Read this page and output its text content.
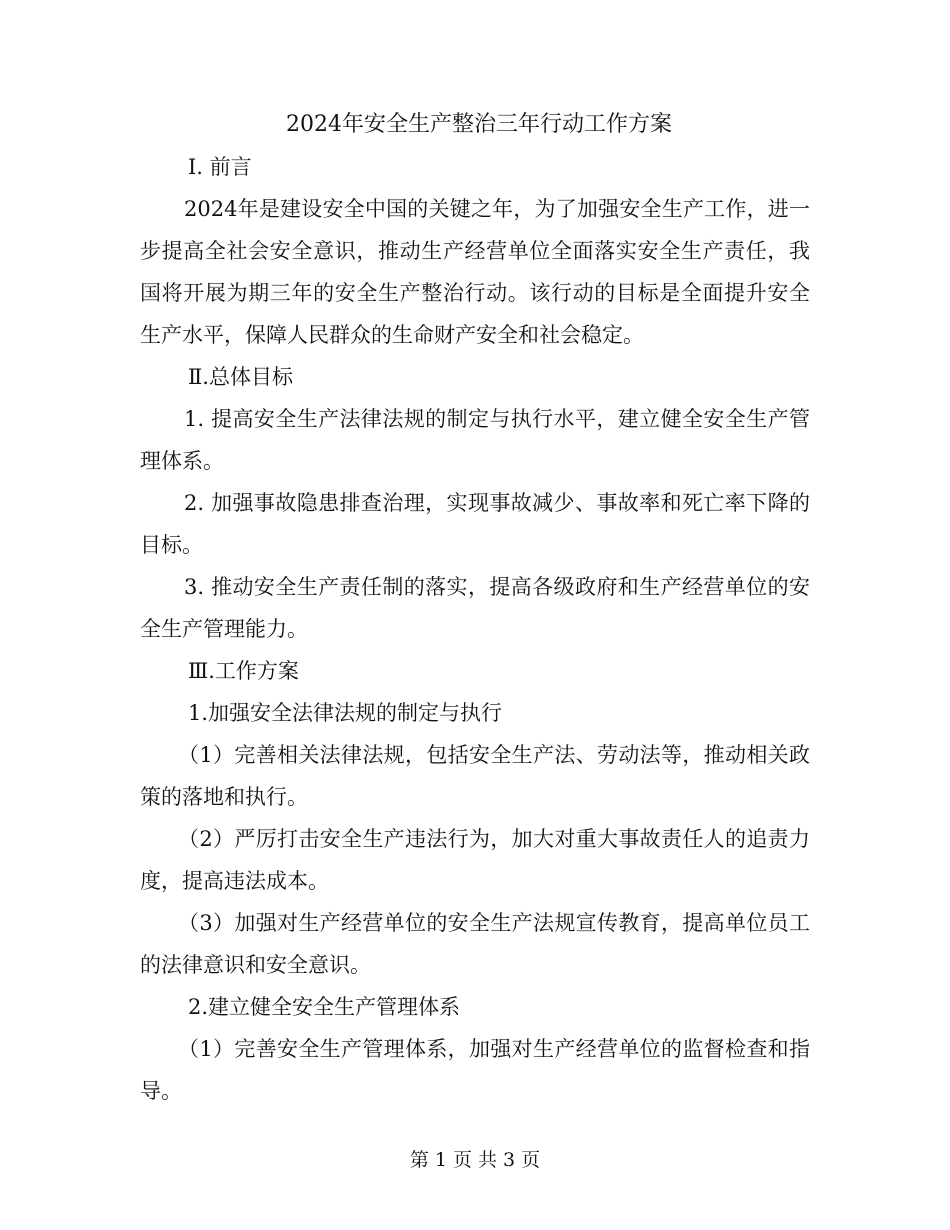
2024年安全生产整治三年行动工作方案

Ⅰ. 前言

2024年是建设安全中国的关键之年，为了加强安全生产工作，进一步提高全社会安全意识，推动生产经营单位全面落实安全生产责任，我国将开展为期三年的安全生产整治行动。该行动的目标是全面提升安全生产水平，保障人民群众的生命财产安全和社会稳定。

Ⅱ.总体目标

1. 提高安全生产法律法规的制定与执行水平，建立健全安全生产管理体系。

2. 加强事故隐患排查治理，实现事故减少、事故率和死亡率下降的目标。

3. 推动安全生产责任制的落实，提高各级政府和生产经营单位的安全生产管理能力。

Ⅲ.工作方案

1.加强安全法律法规的制定与执行

（1）完善相关法律法规，包括安全生产法、劳动法等，推动相关政策的落地和执行。

（2）严厉打击安全生产违法行为，加大对重大事故责任人的追责力度，提高违法成本。

（3）加强对生产经营单位的安全生产法规宣传教育，提高单位员工的法律意识和安全意识。

2.建立健全安全生产管理体系

（1）完善安全生产管理体系，加强对生产经营单位的监督检查和指导。

第 1 页 共 3 页
